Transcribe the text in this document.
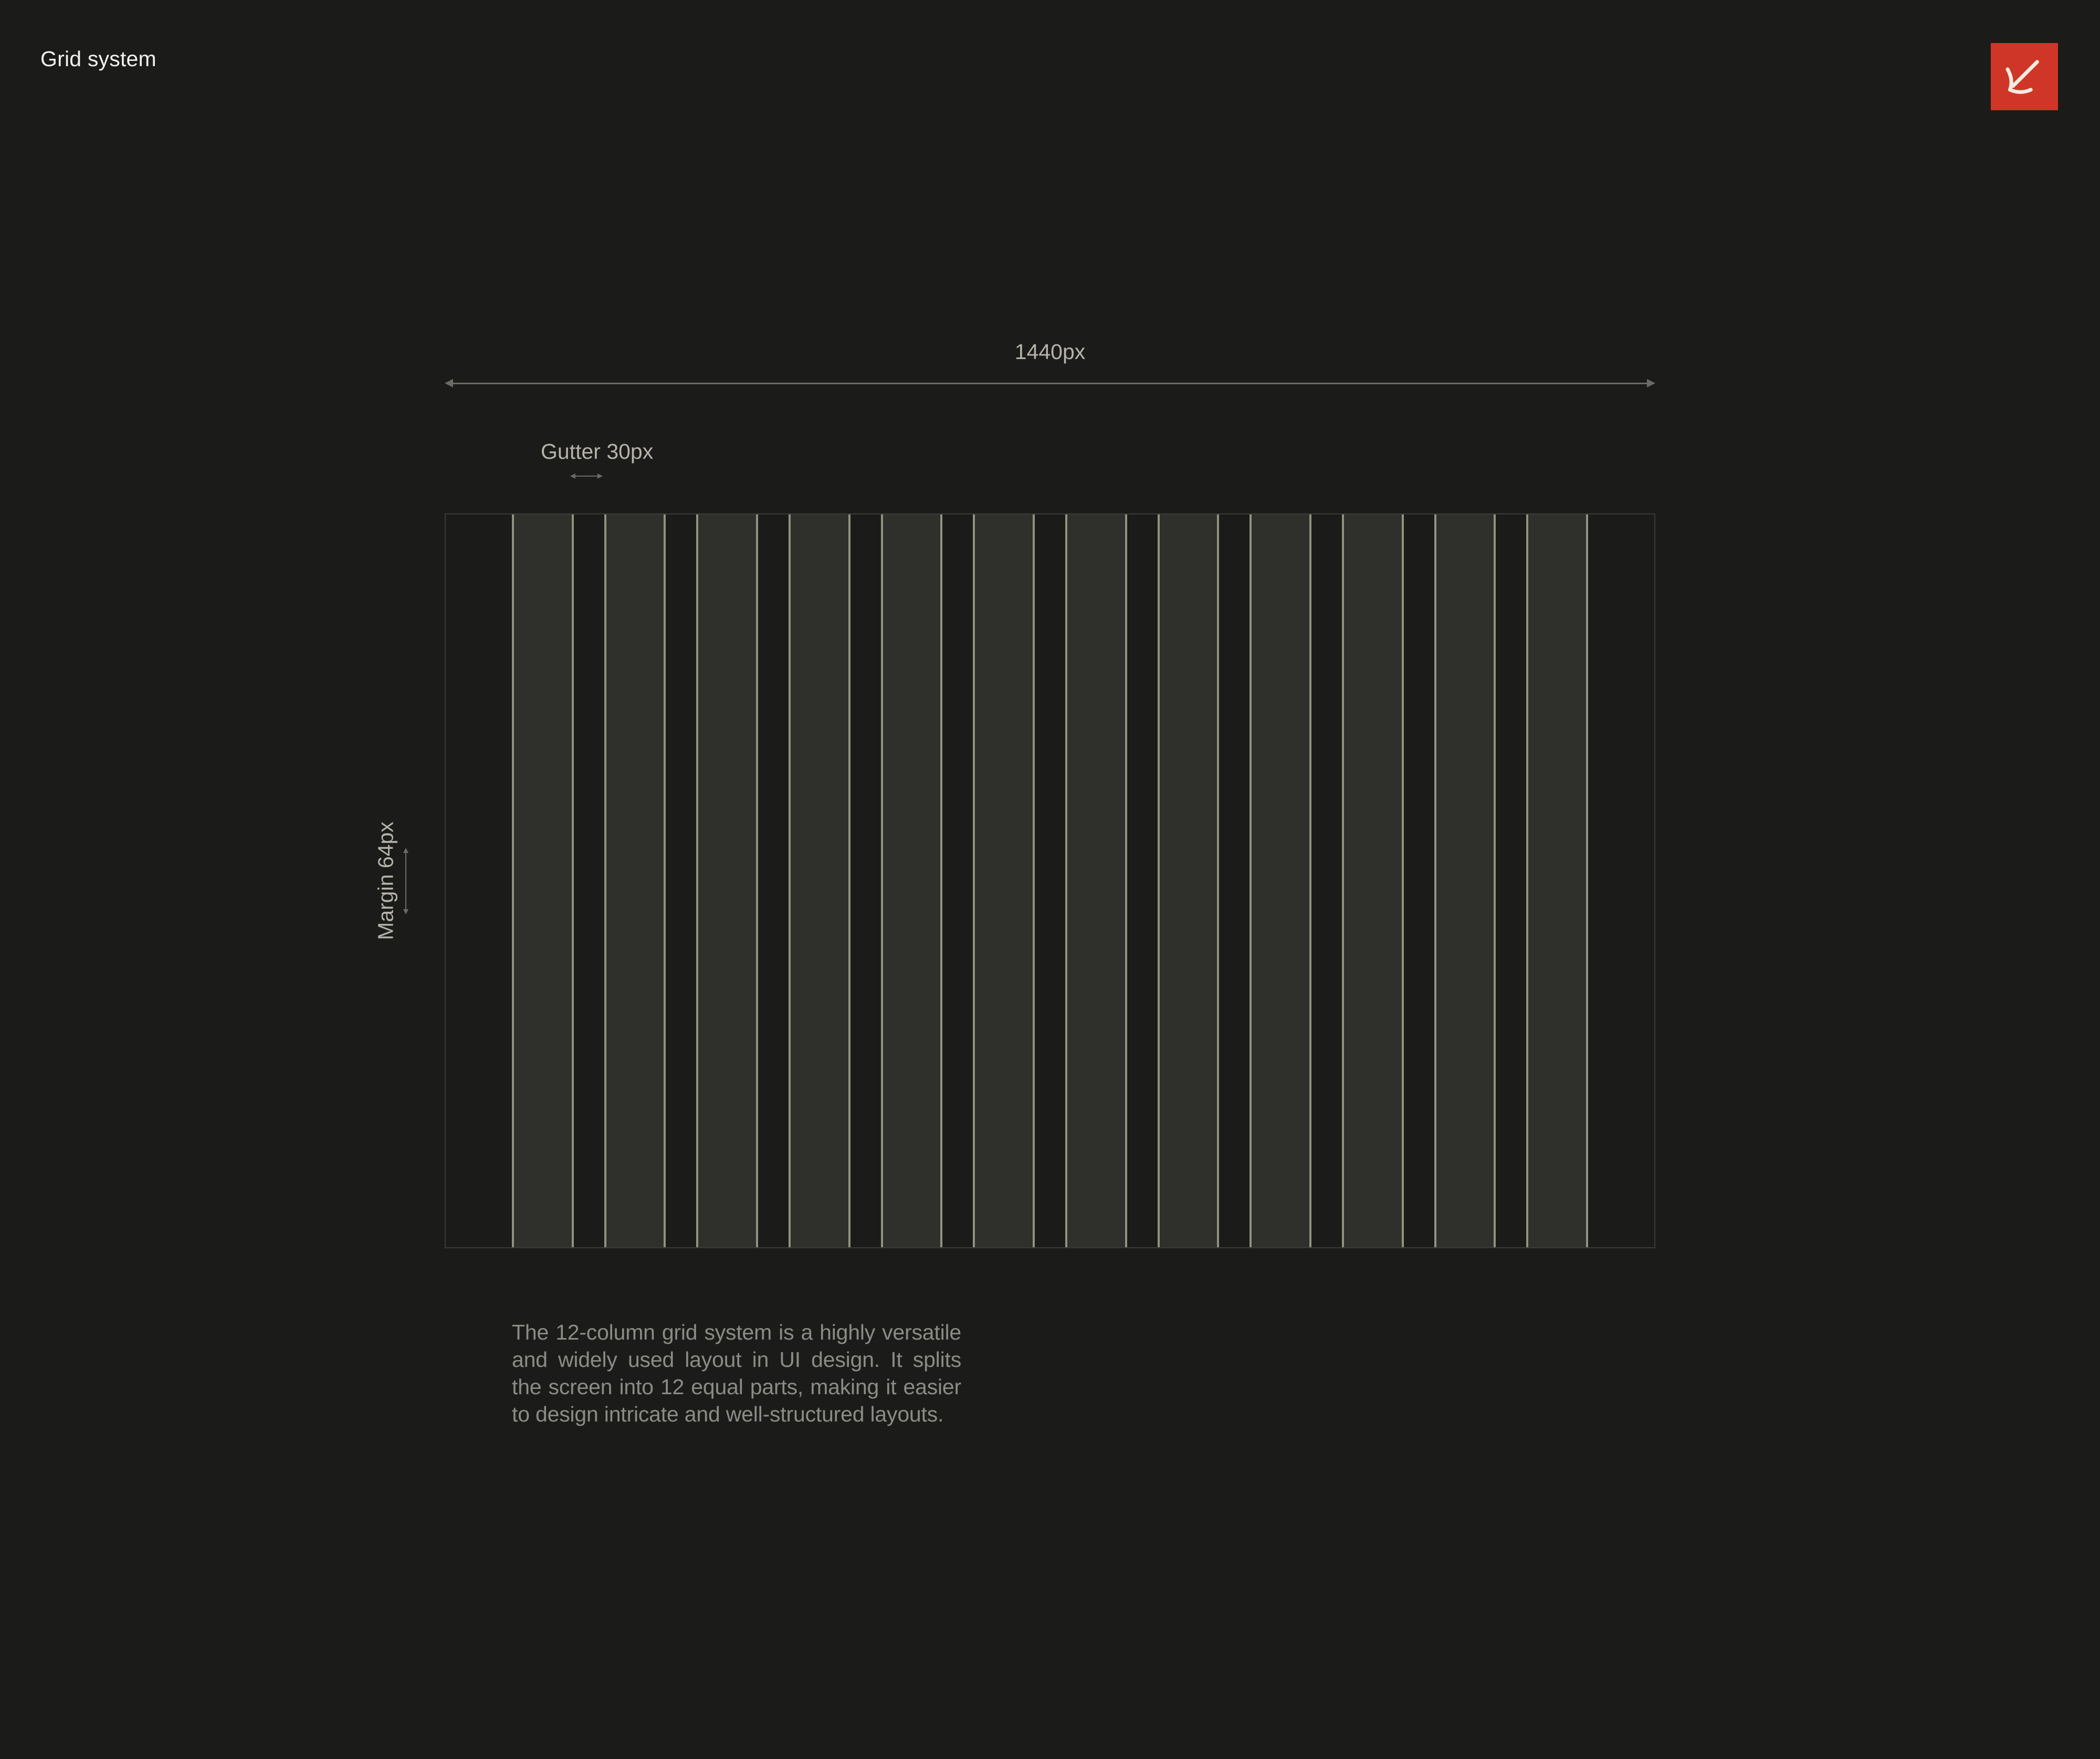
Grid system
1440px
Gutter 30px
Margin 64px
The 12-column grid system is a highly versatile
and widely used layout in UI design. It splits
the screen into 12 equal parts, making it easier
to design intricate and well-structured layouts.
